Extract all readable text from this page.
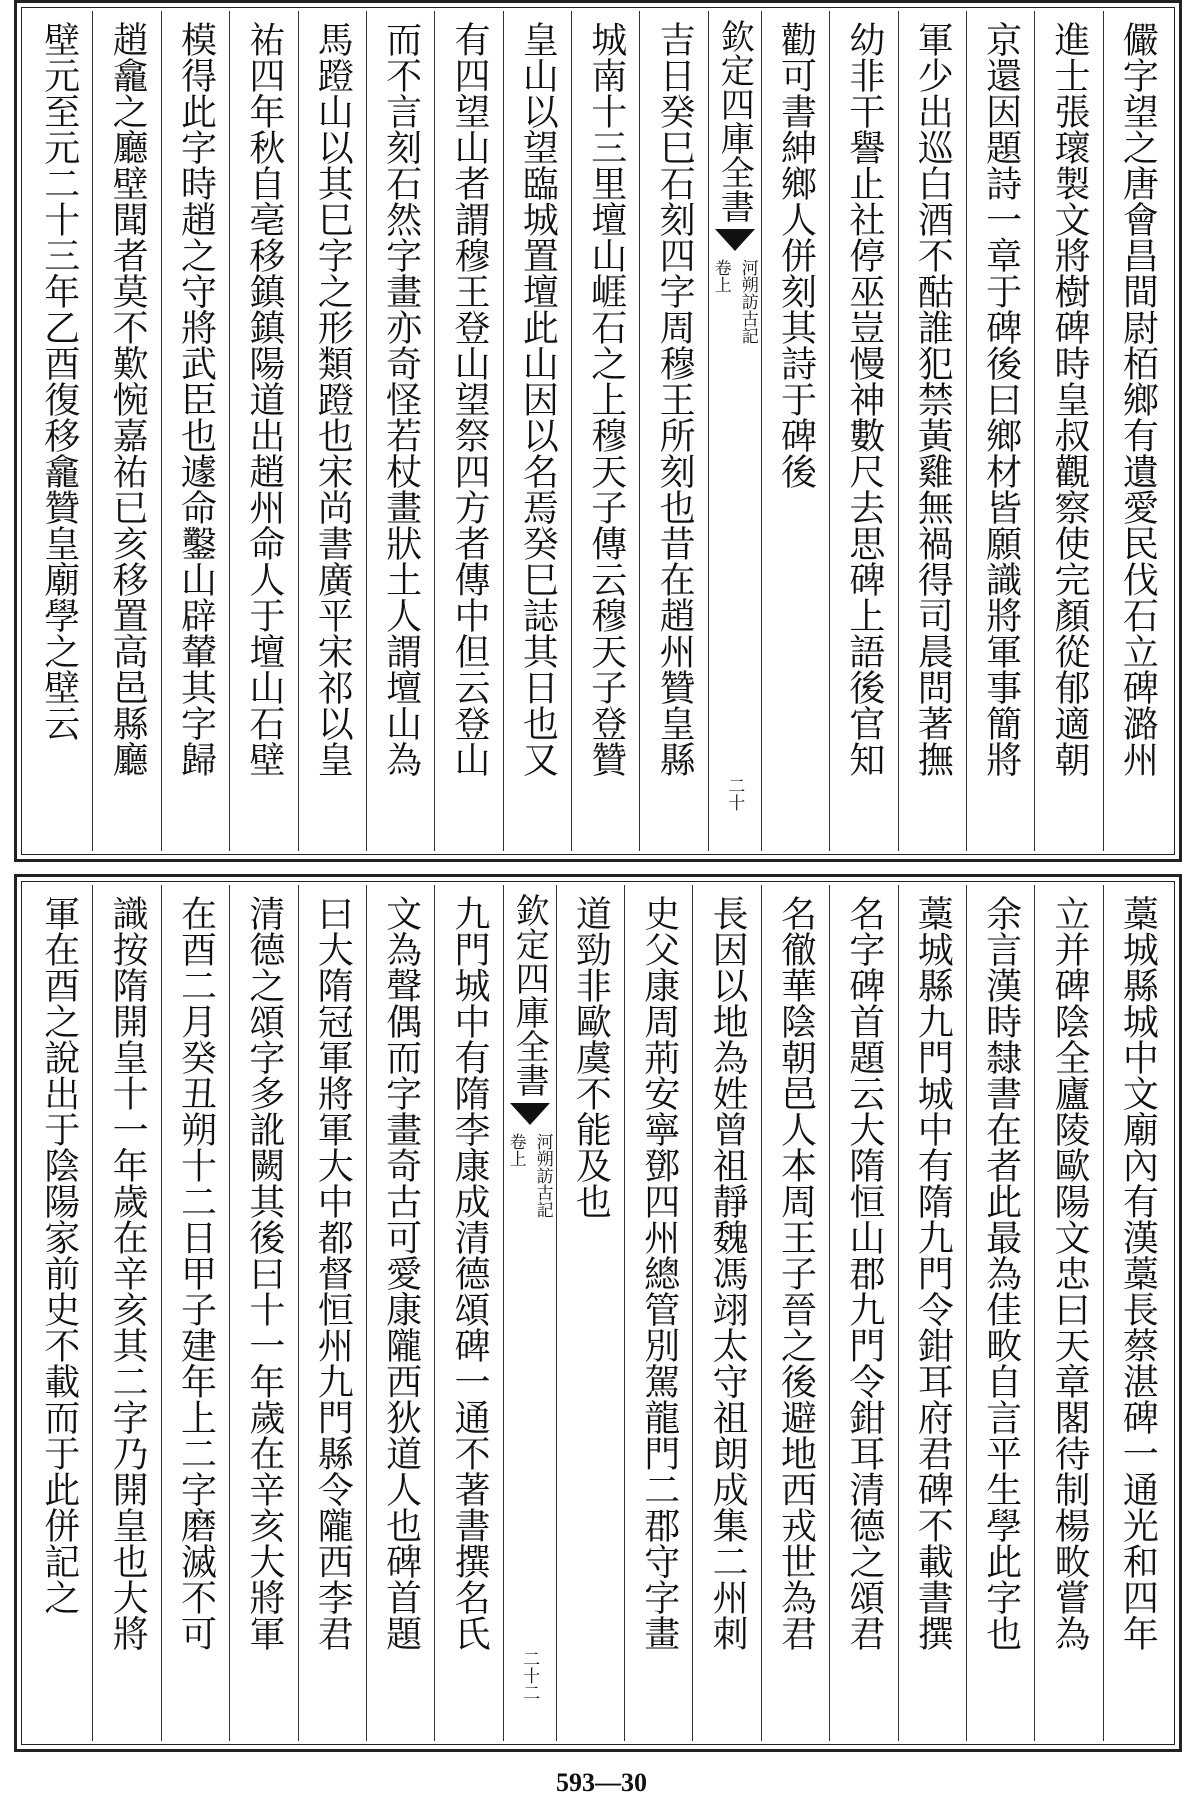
儼字望之唐會昌間尉栢鄉有遺愛民伐石立碑潞州
進士張瓌製文將樹碑時皇叔觀察使完顏從郁適朝
京還因題詩一章于碑後曰鄉材皆願識將軍事簡將
軍少出巡白酒不酤誰犯禁黃雞無禍得司晨問著撫
幼非干譽止社停巫豈慢神數尺去思碑上語後官知
勸可書紳鄉人併刻其詩于碑後
欽定四庫全書
河朔訪古記
卷上
二十
吉日癸巳石刻四字周穆王所刻也昔在趙州贊皇縣
城南十三里壇山崕石之上穆天子傳云穆天子登贊
皇山以望臨城置壇此山因以名焉癸巳誌其日也又
有四望山者謂穆王登山望祭四方者傳中但云登山
而不言刻石然字畫亦奇怪若杖畫狀土人謂壇山為
馬蹬山以其巳字之形類蹬也宋尚書廣平宋祁以皇
祐四年秋自亳移鎮鎮陽道出趙州命人于壇山石壁
模得此字時趙之守將武臣也遽命鑿山辟輦其字歸
趙龕之廳壁聞者莫不歎惋嘉祐已亥移置高邑縣廳
壁元至元二十三年乙酉復移龕贊皇廟學之壁云
藁城縣城中文廟內有漢藁長蔡湛碑一通光和四年
立并碑陰全廬陵歐陽文忠曰天章閣待制楊畋嘗為
余言漢時隸書在者此最為佳畋自言平生學此字也
藁城縣九門城中有隋九門令鉗耳府君碑不載書撰
名字碑首題云大隋恒山郡九門令鉗耳清德之頌君
名徹華陰朝邑人本周王子晉之後避地西戎世為君
長因以地為姓曾祖靜魏馮翊太守祖朗成集二州刺
史父康周荊安寧鄧四州總管別駕龍門二郡守字畫
道勁非歐虞不能及也
欽定四庫全書
河朔訪古記
卷上
二十二
九門城中有隋李康成清德頌碑一通不著書撰名氏
文為聲偶而字畫奇古可愛康隴西狄道人也碑首題
曰大隋冠軍將軍大中都督恒州九門縣令隴西李君
清德之頌字多訛闕其後曰十一年歲在辛亥大將軍
在酉二月癸丑朔十二日甲子建年上二字磨滅不可
識按隋開皇十一年歲在辛亥其二字乃開皇也大將
軍在酉之說出于陰陽家前史不載而于此併記之
593—30
